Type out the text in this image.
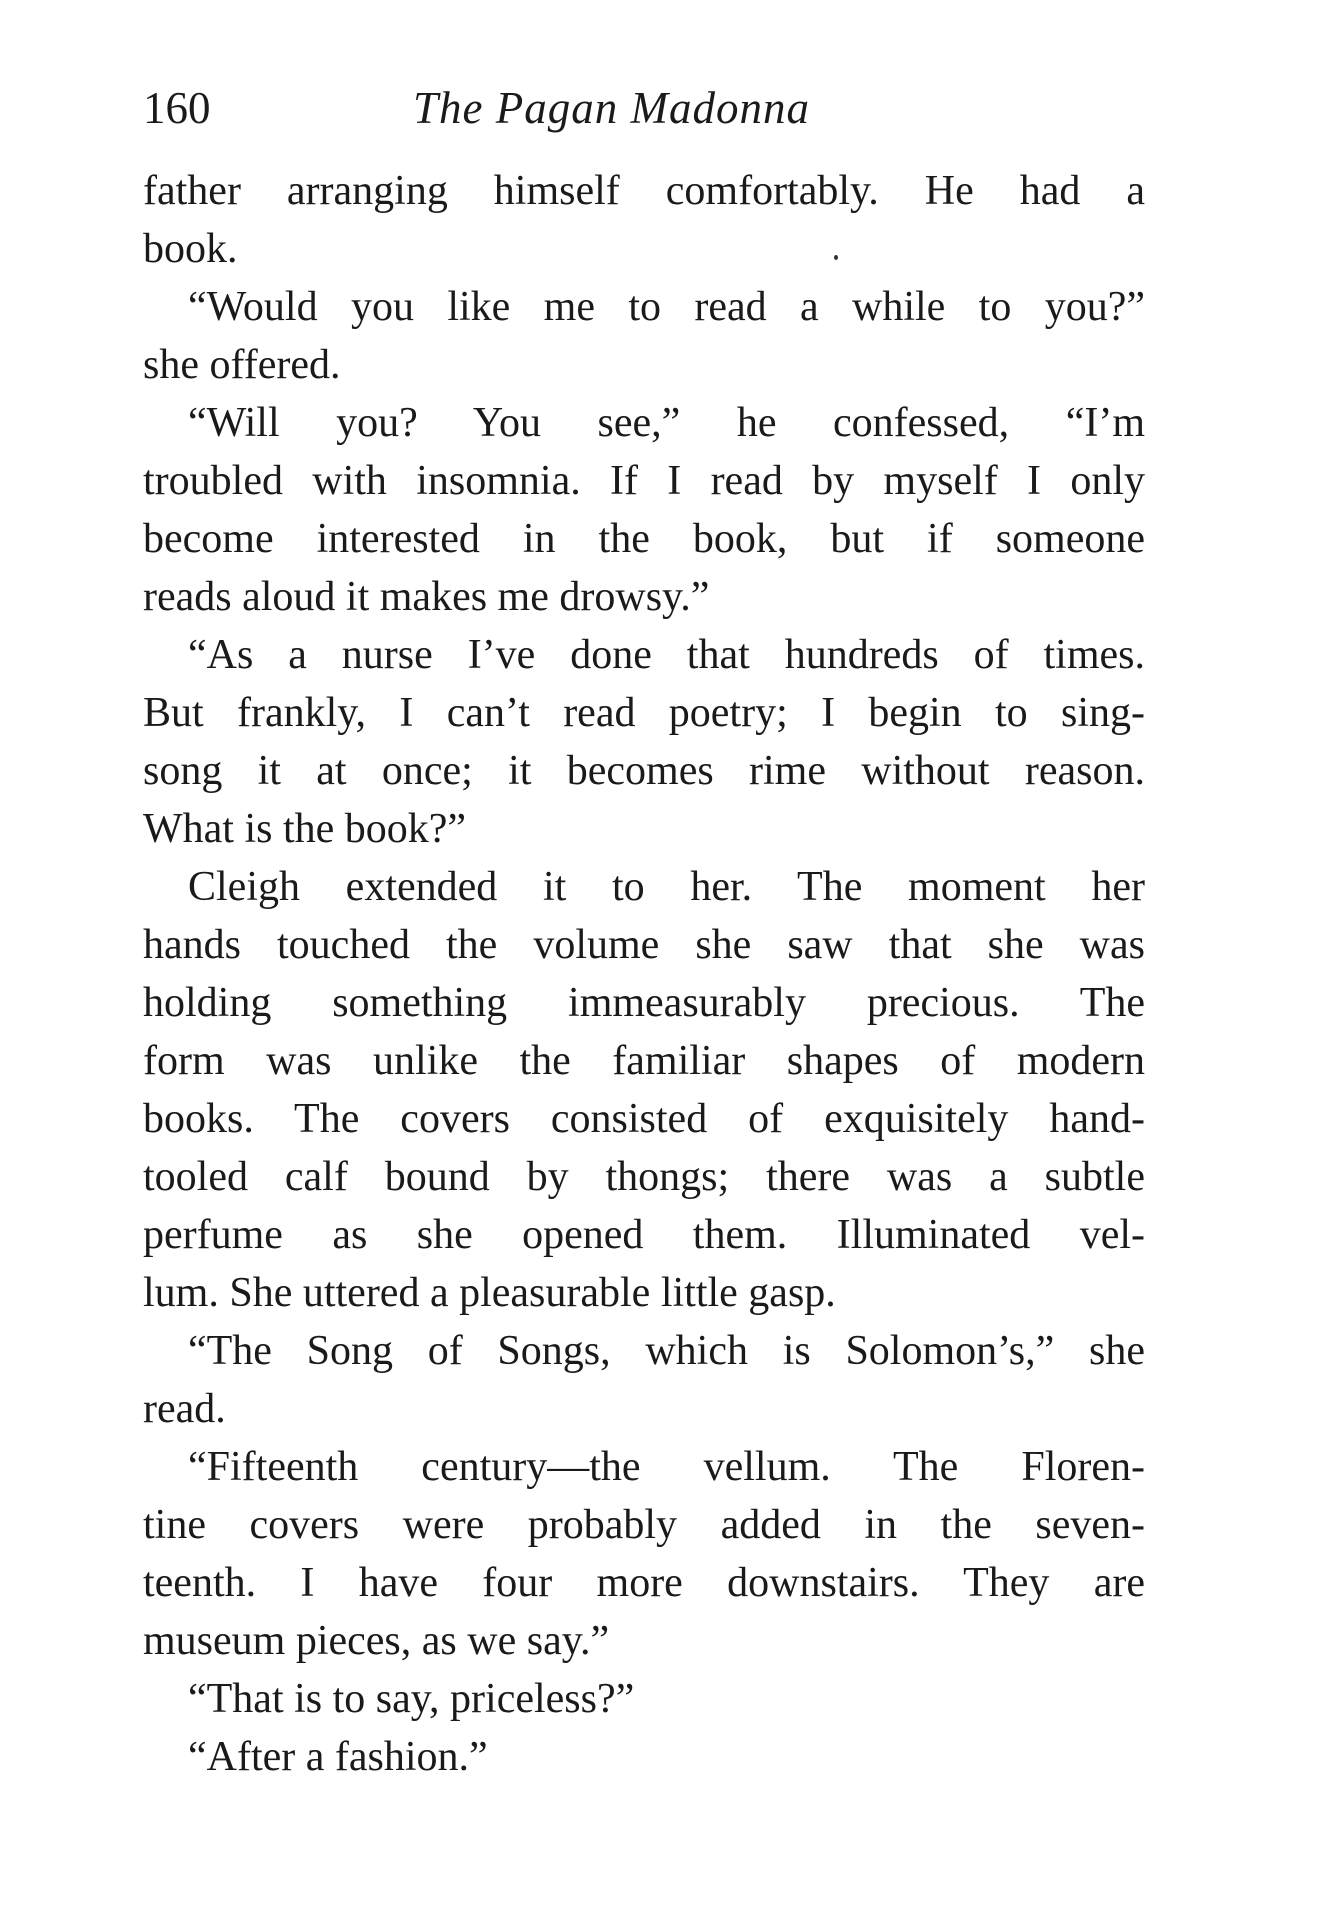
160	The Pagan Madonna
father arranging himself comfortably. He had a
book.
“Would you like me to read a while to you?”
she offered.
“Will you? You see,” he confessed, “I’m
troubled with insomnia. If I read by myself I only
become interested in the book, but if someone
reads aloud it makes me drowsy.”
“As a nurse I’ve done that hundreds of times.
But frankly, I can’t read poetry; I begin to sing-
song it at once; it becomes rime without reason.
What is the book?”
Cleigh extended it to her. The moment her
hands touched the volume she saw that she was
holding something immeasurably precious. The
form was unlike the familiar shapes of modern
books. The covers consisted of exquisitely hand-
tooled calf bound by thongs; there was a subtle
perfume as she opened them. Illuminated vel-
lum. She uttered a pleasurable little gasp.
“The Song of Songs, which is Solomon’s,” she
read.
“Fifteenth century—the vellum. The Floren-
tine covers were probably added in the seven-
teenth. I have four more downstairs. They are
museum pieces, as we say.”
“That is to say, priceless?”
“After a fashion.”
